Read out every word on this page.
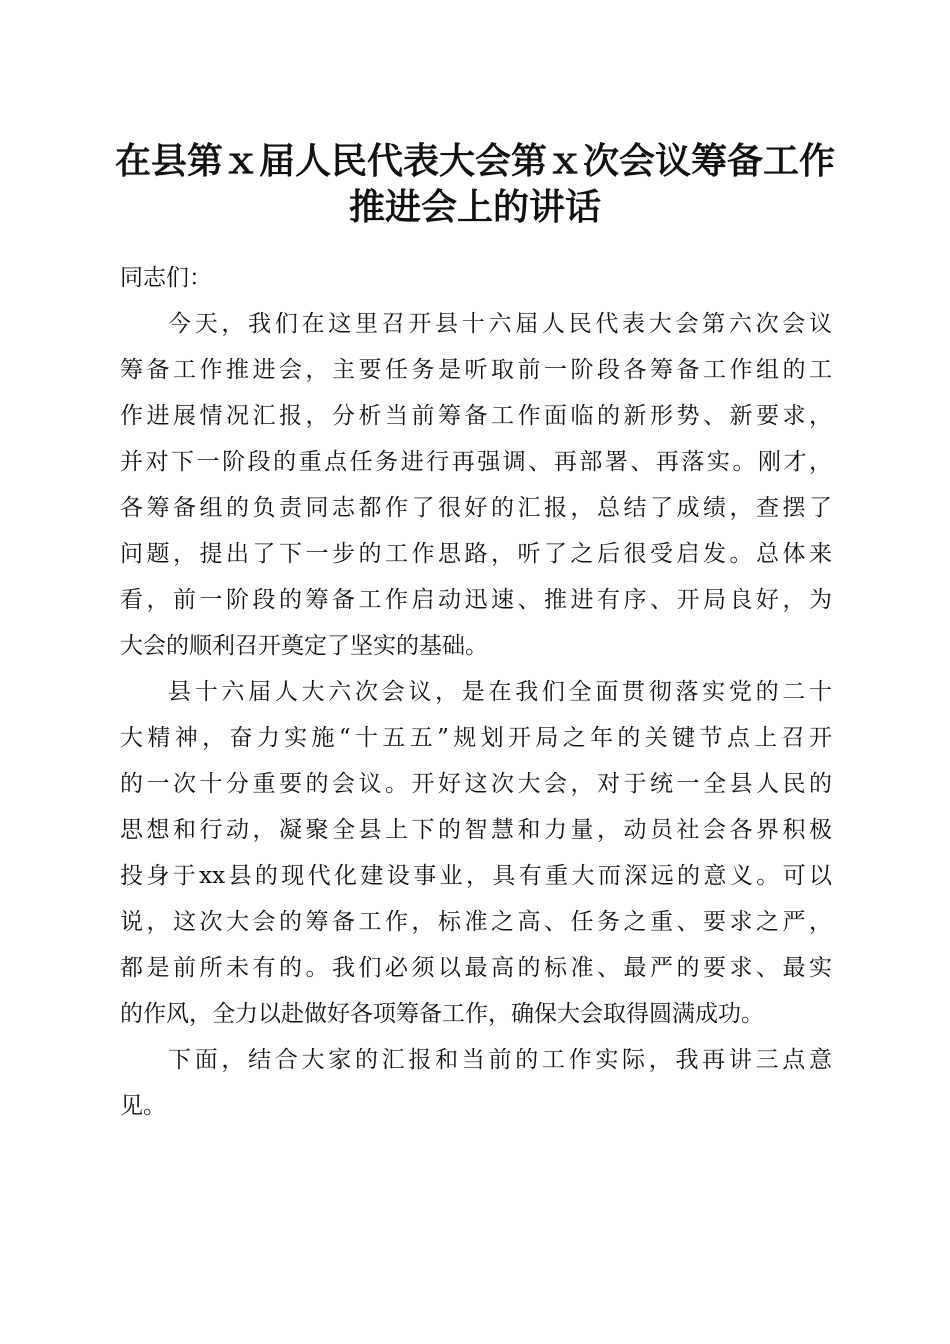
在县第ｘ届人民代表大会第ｘ次会议筹备工作
推进会上的讲话

同志们：

今天，我们在这里召开县十六届人民代表大会第六次会议
筹备工作推进会，主要任务是听取前一阶段各筹备工作组的工
作进展情况汇报，分析当前筹备工作面临的新形势、新要求，
并对下一阶段的重点任务进行再强调、再部署、再落实。刚才，
各筹备组的负责同志都作了很好的汇报，总结了成绩，查摆了
问题，提出了下一步的工作思路，听了之后很受启发。总体来
看，前一阶段的筹备工作启动迅速、推进有序、开局良好，为
大会的顺利召开奠定了坚实的基础。

县十六届人大六次会议，是在我们全面贯彻落实党的二十
大精神，奋力实施“十五五”规划开局之年的关键节点上召开
的一次十分重要的会议。开好这次大会，对于统一全县人民的
思想和行动，凝聚全县上下的智慧和力量，动员社会各界积极
投身于xx县的现代化建设事业，具有重大而深远的意义。可以
说，这次大会的筹备工作，标准之高、任务之重、要求之严，
都是前所未有的。我们必须以最高的标准、最严的要求、最实
的作风，全力以赴做好各项筹备工作，确保大会取得圆满成功。

下面，结合大家的汇报和当前的工作实际，我再讲三点意
见。
